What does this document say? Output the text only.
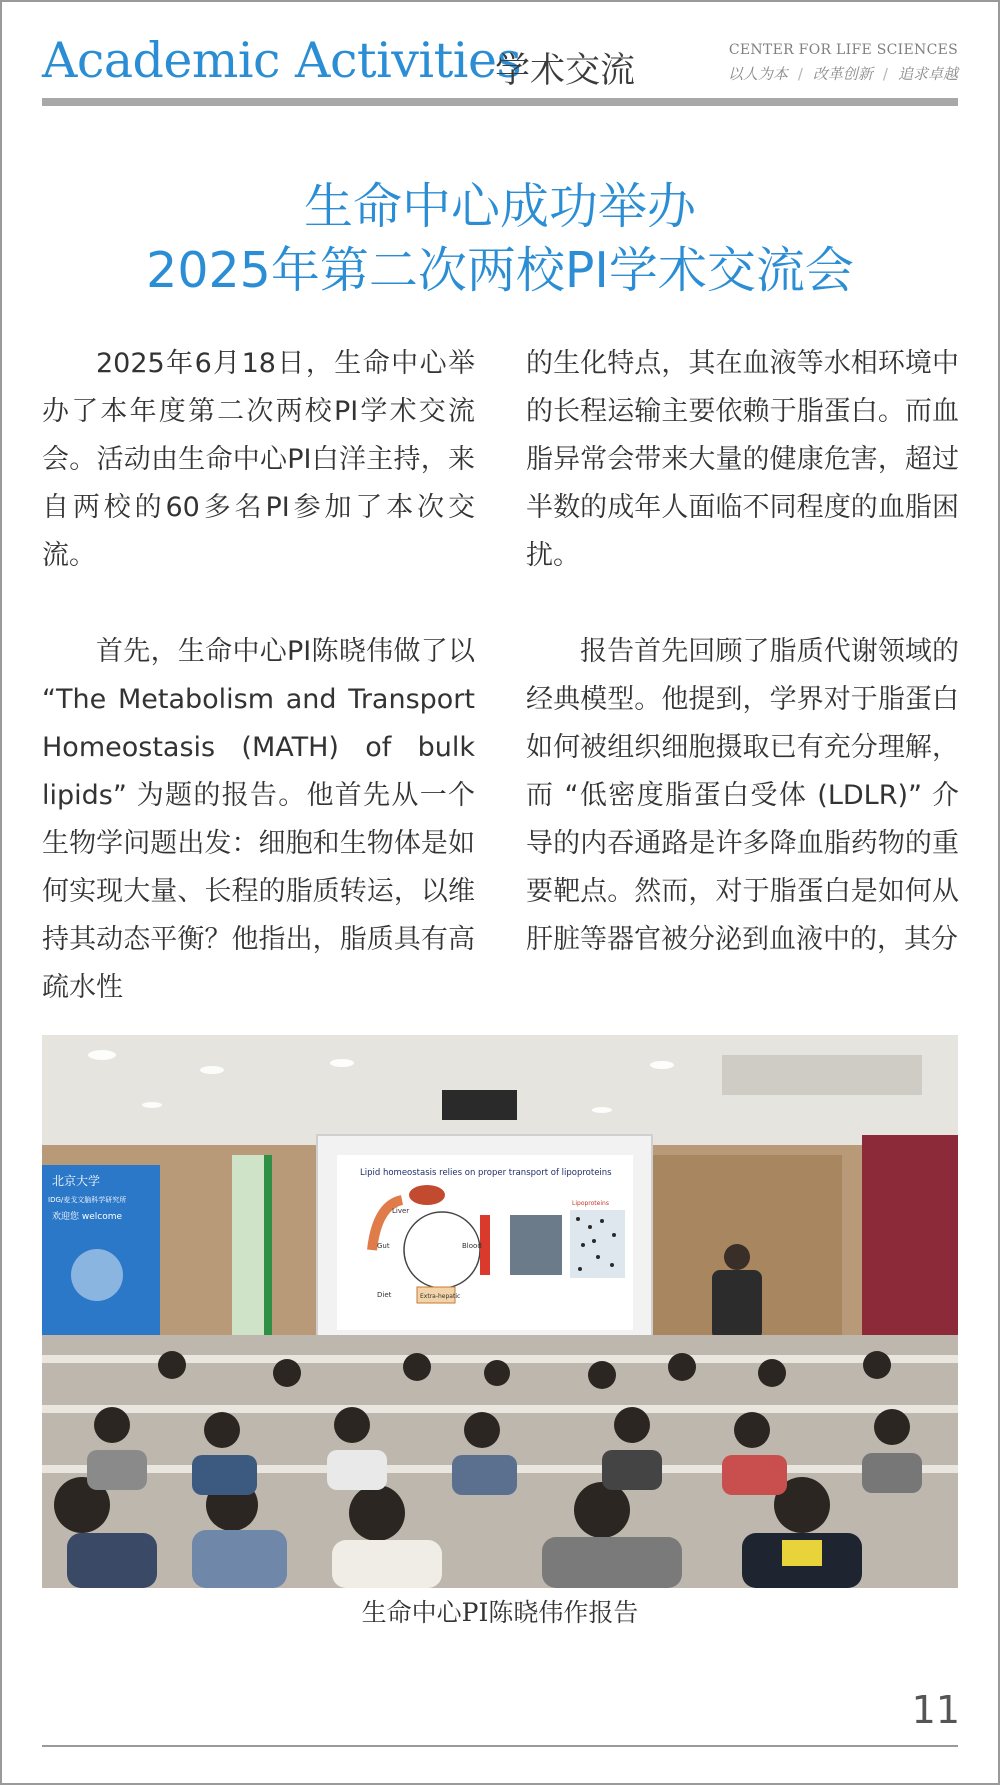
Academic Activities
学术交流
CENTER FOR LIFE SCIENCES
以人为本 / 改革创新 / 追求卓越
生命中心成功举办
2025年第二次两校PI学术交流会

2025年6月18日，生命中心举办了本年度第二次两校PI学术交流会。活动由生命中心PI白洋主持，来自两校的60多名PI参加了本次交流。

首先，生命中心PI陈晓伟做了以 “The Metabolism and Transport Homeostasis (MATH) of bulk lipids” 为题的报告。他首先从一个生物学问题出发：细胞和生物体是如何实现大量、长程的脂质转运，以维持其动态平衡？他指出，脂质具有高疏水性

的生化特点，其在血液等水相环境中的长程运输主要依赖于脂蛋白。而血脂异常会带来大量的健康危害，超过半数的成年人面临不同程度的血脂困扰。

报告首先回顾了脂质代谢领域的经典模型。他提到，学界对于脂蛋白如何被组织细胞摄取已有充分理解，而 “低密度脂蛋白受体 (LDLR)” 介导的内吞通路是许多降血脂药物的重要靶点。然而，对于脂蛋白是如何从肝脏等器官被分泌到血液中的，其分

Lipid homeostasis relies on proper transport of lipoproteins
Liver
Gut	Blood
Diet	Extra-hepatic
Lipoproteins
北京大学
IDG/麦戈文脑科学研究所
欢迎您 welcome
生命中心PI陈晓伟作报告
11
